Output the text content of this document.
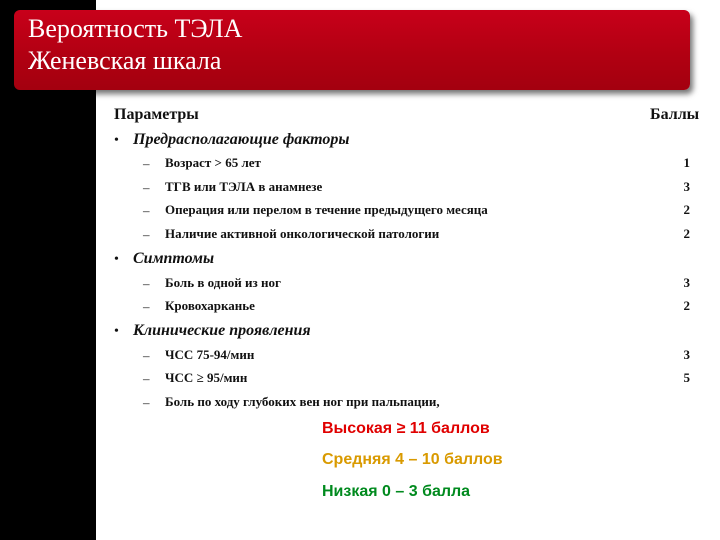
Вероятность ТЭЛА
Женевская шкала
Параметры	Баллы
• Предрасполагающие факторы
– Возраст > 65 лет	1
– ТГВ или ТЭЛА в анамнезе	3
– Операция или перелом в течение предыдущего месяца	2
– Наличие активной онкологической патологии	2
• Симптомы
– Боль в одной из ног	3
– Кровохарканье	2
• Клинические проявления
– ЧСС 75-94/мин	3
– ЧСС ≥ 95/мин	5
– Боль по ходу глубоких вен ног при пальпации,
Высокая ≥ 11 баллов
Средняя 4 – 10 баллов
Низкая 0 – 3 балла
